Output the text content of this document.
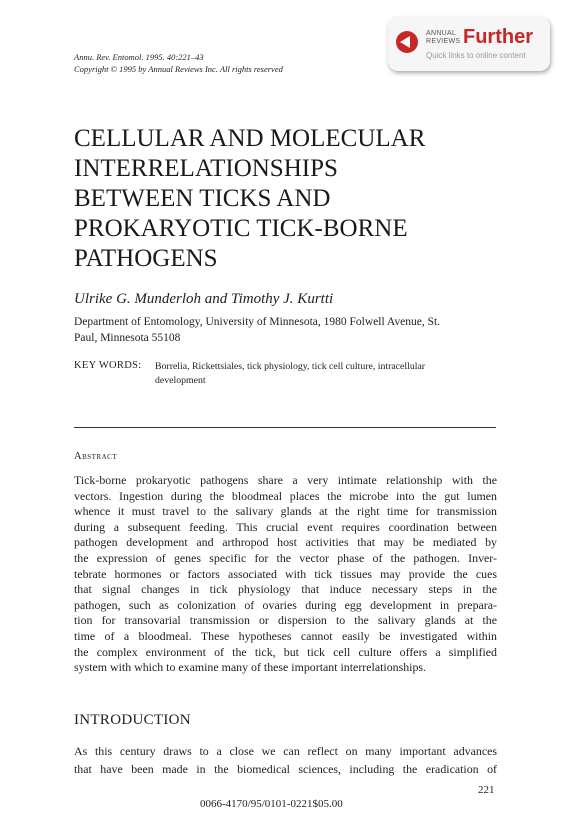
Annu. Rev. Entomol. 1995. 40:221–43
Copyright © 1995 by Annual Reviews Inc. All rights reserved
ANNUAL
REVIEWS Further
Quick links to online content
CELLULAR AND MOLECULAR
INTERRELATIONSHIPS
BETWEEN TICKS AND
PROKARYOTIC TICK-BORNE
PATHOGENS
Ulrike G. Munderloh and Timothy J. Kurtti
Department of Entomology, University of Minnesota, 1980 Folwell Avenue, St.
Paul, Minnesota 55108
KEY WORDS: Borrelia, Rickettsiales, tick physiology, tick cell culture, intracellular
development
Abstract
Tick-borne prokaryotic pathogens share a very intimate relationship with the
vectors. Ingestion during the bloodmeal places the microbe into the gut lumen
whence it must travel to the salivary glands at the right time for transmission
during a subsequent feeding. This crucial event requires coordination between
pathogen development and arthropod host activities that may be mediated by
the expression of genes specific for the vector phase of the pathogen. Inver-
tebrate hormones or factors associated with tick tissues may provide the cues
that signal changes in tick physiology that induce necessary steps in the
pathogen, such as colonization of ovaries during egg development in prepara-
tion for transovarial transmission or dispersion to the salivary glands at the
time of a bloodmeal. These hypotheses cannot easily be investigated within
the complex environment of the tick, but tick cell culture offers a simplified
system with which to examine many of these important interrelationships.
INTRODUCTION
As this century draws to a close we can reflect on many important advances
that have been made in the biomedical sciences, including the eradication of
221
0066-4170/95/0101-0221$05.00
